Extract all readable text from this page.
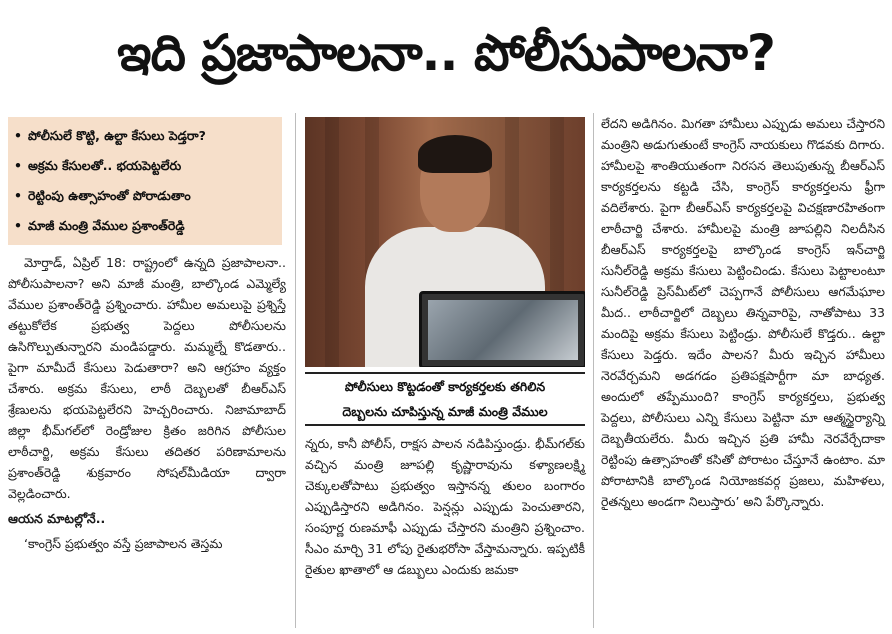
ఇది ప్రజాపాలనా.. పోలీసుపాలనా?
• పోలీసులే కొట్టి, ఉల్టా కేసులు పెడ్తరా?
• అక్రమ కేసులతో.. భయపెట్టలేరు
• రెట్టింపు ఉత్సాహంతో పోరాడుతాం
• మాజీ మంత్రి వేముల ప్రశాంత్‌రెడ్డి

మోర్తాడ్‌, ఏప్రిల్‌ 18: రాష్ట్రంలో ఉన్నది ప్రజాపాలనా.. పోలీసుపాలనా? అని మాజీ మంత్రి, బాల్కొండ ఎమ్మెల్యే వేముల ప్రశాంత్‌రెడ్డి ప్రశ్నించారు. హామీల అమలుపై ప్రశ్నిస్తే తట్టుకోలేక ప్రభుత్వ పెద్దలు పోలీసులను ఉసిగొల్పుతున్నారని మండిపడ్డారు. మమ్మల్నే కొడతారు.. పైగా మామీదే కేసులు పెడుతారా? అని ఆగ్రహం వ్యక్తం చేశారు. అక్రమ కేసులు, లాఠీ దెబ్బలతో బీఆర్‌ఎస్‌ శ్రేణులను భయపెట్టలేరని హెచ్చరించారు. నిజామాబాద్‌ జిల్లా భీమ్‌గల్‌లో రెండ్రోజుల క్రితం జరిగిన పోలీసుల లాఠీచార్జి, అక్రమ కేసులు తదితర పరిణామాలను ప్రశాంత్‌రెడ్డి శుక్రవారం సోషల్‌మీడియా ద్వారా వెల్లడించారు.

ఆయన మాటల్లోనే..

‘కాంగ్రెస్‌ ప్రభుత్వం వస్తే ప్రజాపాలన తెస్తమ

పోలీసులు కొట్టడంతో కార్యకర్తలకు తగిలిన
దెబ్బలను చూపిస్తున్న మాజీ మంత్రి వేముల

న్నరు, కానీ పోలీస్‌, రాక్షస పాలన నడిపిస్తుండ్రు. భీమ్‌గల్‌కు వచ్చిన మంత్రి జూపల్లి కృష్ణారావును కళ్యాణలక్ష్మి చెక్కులతోపాటు ప్రభుత్వం ఇస్తానన్న తులం బంగారం ఎప్పుడిస్తారని అడిగినం. పెన్షన్లు ఎప్పుడు పెంచుతారని, సంపూర్ణ రుణమాఫీ ఎప్పుడు చేస్తారని మంత్రిని ప్రశ్నించాం. సీఎం మార్చి 31 లోపు రైతుభరోసా వేస్తామన్నారు. ఇప్పటికీ రైతుల ఖాతాలో ఆ డబ్బులు ఎందుకు జమకా

లేదని అడిగినం. మిగతా హామీలు ఎప్పుడు అమలు చేస్తారని మంత్రిని అడుగుతుంటే కాంగ్రెస్‌ నాయకులు గొడవకు దిగారు. హామీలపై శాంతియుతంగా నిరసన తెలుపుతున్న బీఆర్‌ఎస్‌ కార్యకర్తలను కట్టడి చేసి, కాంగ్రెస్‌ కార్యకర్తలను ఫ్రీగా వదిలేశారు. పైగా బీఆర్‌ఎస్‌ కార్యకర్తలపై విచక్షణారహితంగా లాఠీచార్జి చేశారు. హామీలపై మంత్రి జూపల్లిని నిలదీసిన బీఆర్‌ఎస్‌ కార్యకర్తలపై బాల్కొండ కాంగ్రెస్‌ ఇన్‌చార్జి సునీల్‌రెడ్డి అక్రమ కేసులు పెట్టించిండు. కేసులు పెట్టాలంటూ సునీల్‌రెడ్డి ప్రెస్‌మీట్‌లో చెప్పగానే పోలీసులు ఆగమేఘాల మీద.. లాఠీచార్జిలో దెబ్బలు తిన్నవారిపై, నాతోపాటు 33 మందిపై అక్రమ కేసులు పెట్టిండ్రు. పోలీసులే కొడ్తరు.. ఉల్టా కేసులు పెడ్తరు. ఇదేం పాలన? మీరు ఇచ్చిన హామీలు నెరవేర్చమని అడగడం ప్రతిపక్షపార్టీగా మా బాధ్యత. అందులో తప్పేముంది? కాంగ్రెస్‌ కార్యకర్తలు, ప్రభుత్వ పెద్దలు, పోలీసులు ఎన్ని కేసులు పెట్టినా మా ఆత్మస్థైర్యాన్ని దెబ్బతీయలేరు. మీరు ఇచ్చిన ప్రతి హామీ నెరవేర్చేదాకా రెట్టింపు ఉత్సాహంతో కసితో పోరాటం చేస్తూనే ఉంటాం. మా పోరాటానికి బాల్కొండ నియోజకవర్గ ప్రజలు, మహిళలు, రైతన్నలు అండగా నిలుస్తారు’ అని పేర్కొన్నారు.
